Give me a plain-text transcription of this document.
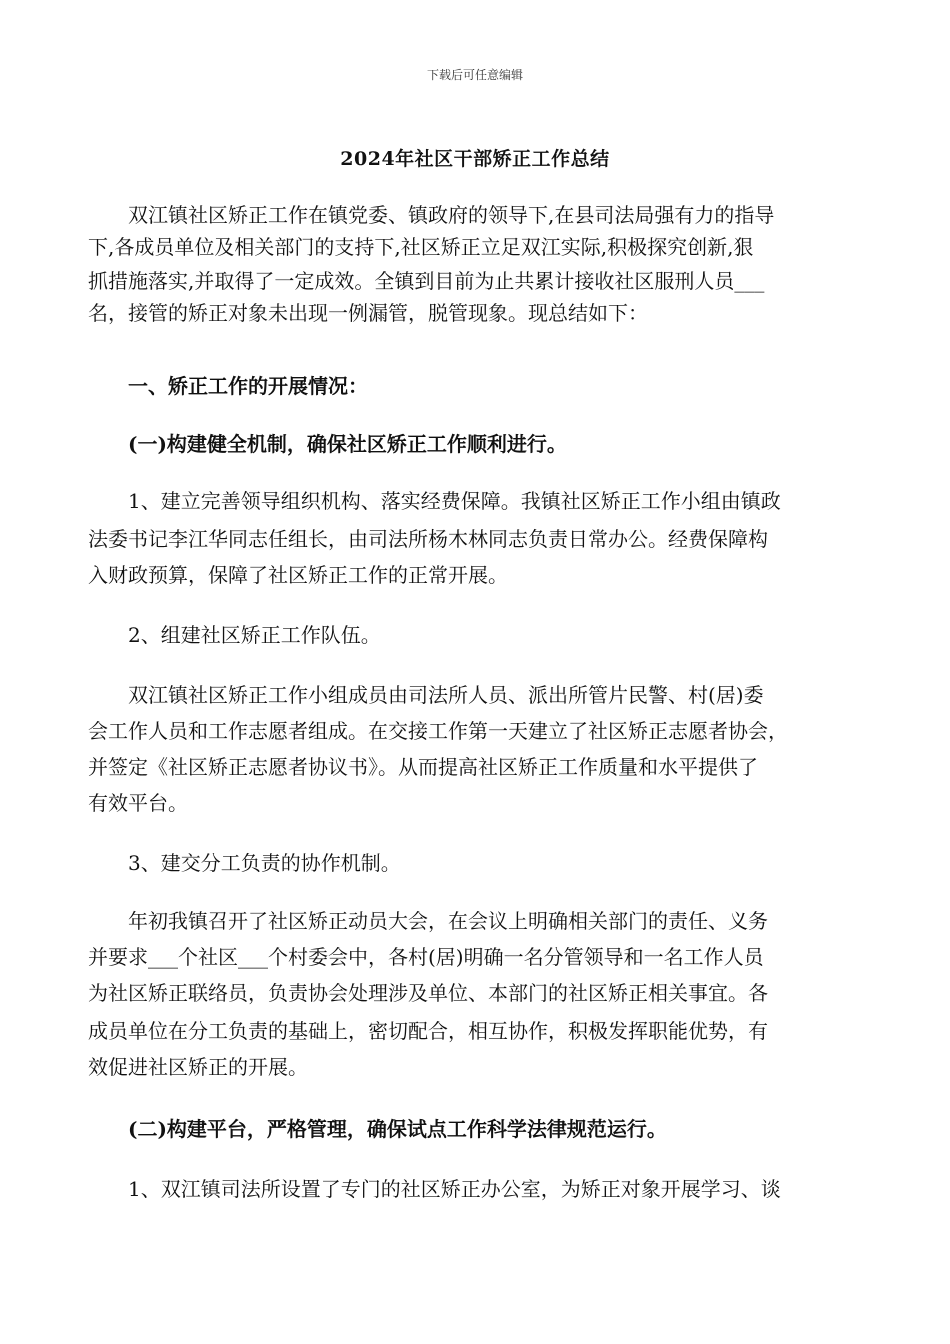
下载后可任意编辑
2024年社区干部矫正工作总结
　　双江镇社区矫正工作在镇党委、镇政府的领导下,在县司法局强有力的指导
下,各成员单位及相关部门的支持下,社区矫正立足双江实际,积极探究创新,狠
抓措施落实,并取得了一定成效。全镇到目前为止共累计接收社区服刑人员___
名，接管的矫正对象未出现一例漏管，脱管现象。现总结如下：
　　一、矫正工作的开展情况：
　　(一)构建健全机制，确保社区矫正工作顺利进行。
　　1、建立完善领导组织机构、落实经费保障。我镇社区矫正工作小组由镇政
法委书记李江华同志任组长，由司法所杨木林同志负责日常办公。经费保障构
入财政预算，保障了社区矫正工作的正常开展。
　　2、组建社区矫正工作队伍。
　　双江镇社区矫正工作小组成员由司法所人员、派出所管片民警、村(居)委
会工作人员和工作志愿者组成。在交接工作第一天建立了社区矫正志愿者协会，
并签定《社区矫正志愿者协议书》。从而提高社区矫正工作质量和水平提供了
有效平台。
　　3、建交分工负责的协作机制。
　　年初我镇召开了社区矫正动员大会，在会议上明确相关部门的责任、义务
并要求___个社区___个村委会中，各村(居)明确一名分管领导和一名工作人员
为社区矫正联络员，负责协会处理涉及单位、本部门的社区矫正相关事宜。各
成员单位在分工负责的基础上，密切配合，相互协作，积极发挥职能优势，有
效促进社区矫正的开展。
　　(二)构建平台，严格管理，确保试点工作科学法律规范运行。
　　1、双江镇司法所设置了专门的社区矫正办公室，为矫正对象开展学习、谈
